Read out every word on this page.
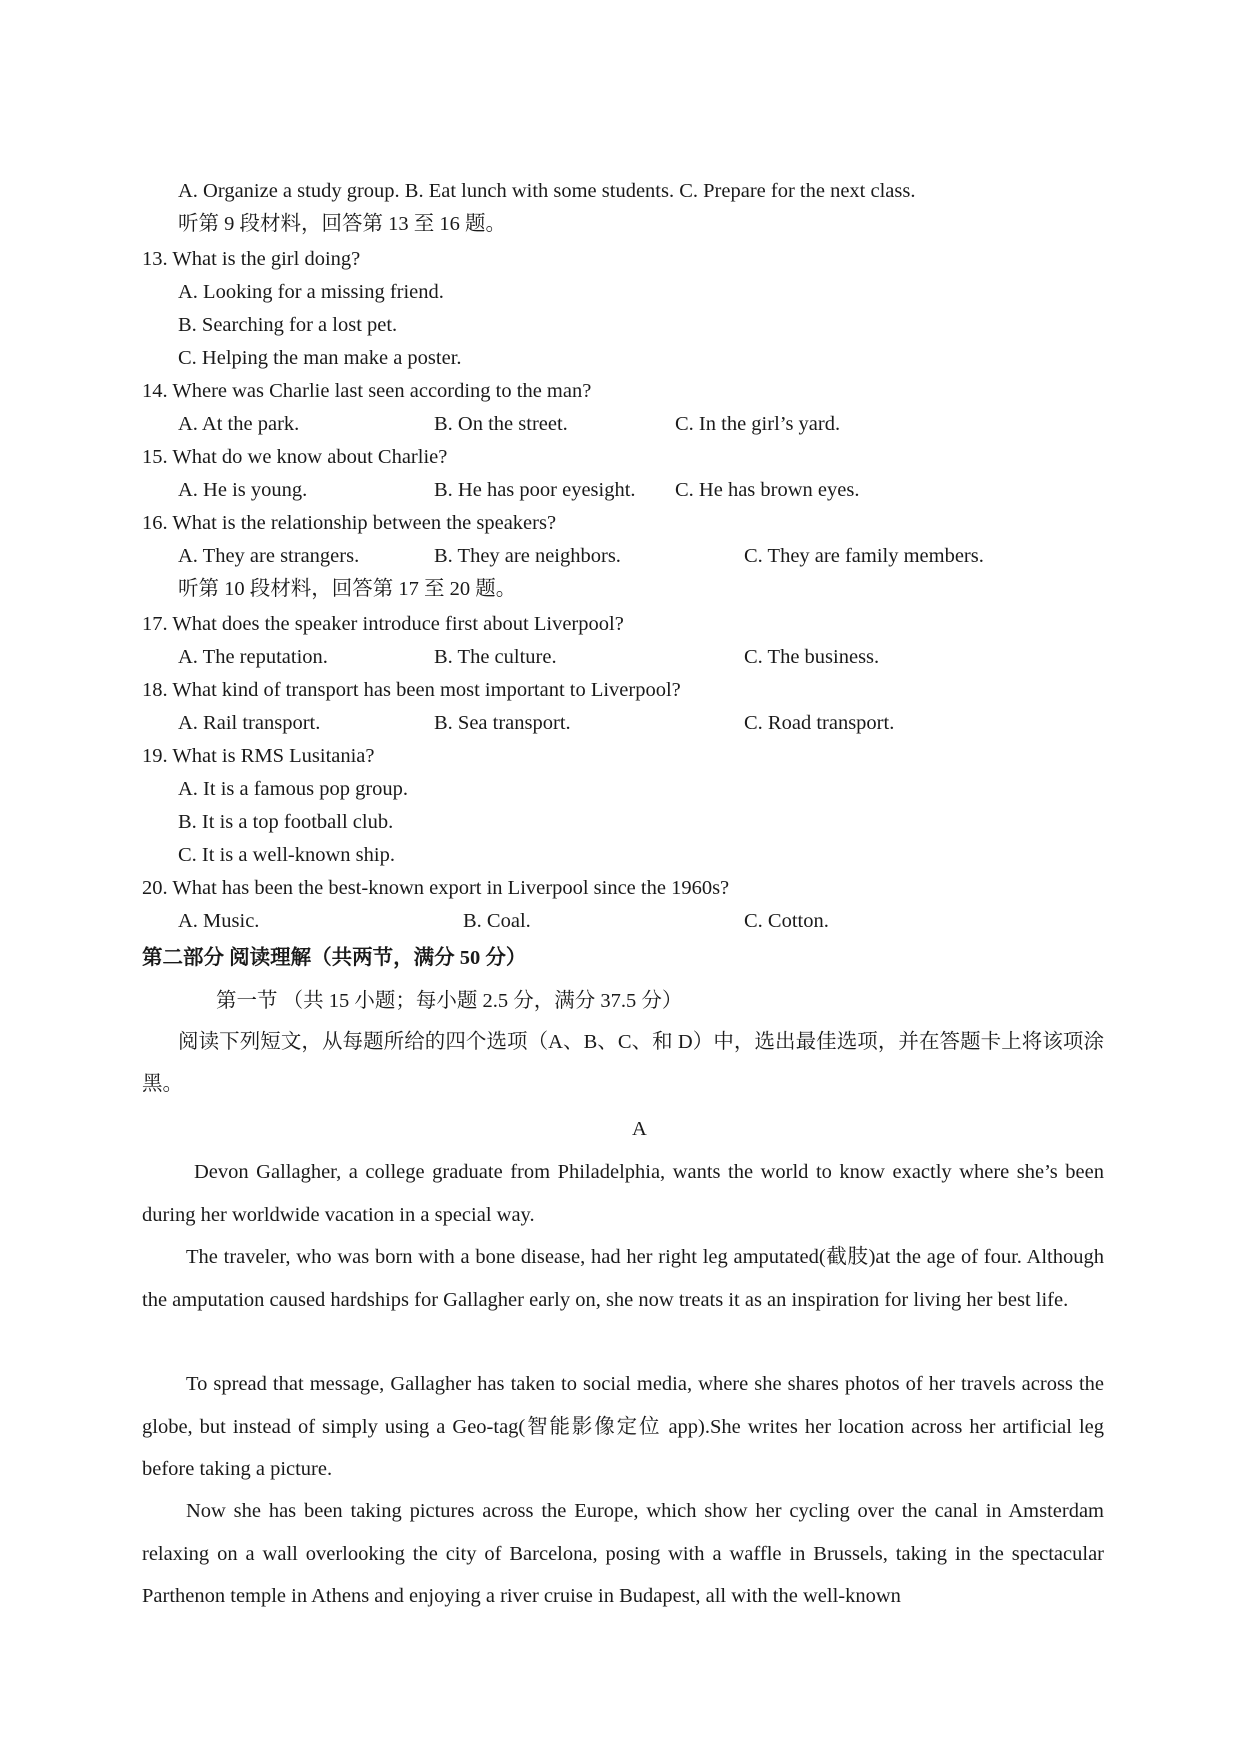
A. Organize a study group. B. Eat lunch with some students. C. Prepare for the next class.
听第 9 段材料，回答第 13 至 16 题。
13. What is the girl doing?
A. Looking for a missing friend.
B. Searching for a lost pet.
C. Helping the man make a poster.
14. Where was Charlie last seen according to the man?
A. At the park.	B. On the street.	C. In the girl’s yard.
15. What do we know about Charlie?
A. He is young.	B. He has poor eyesight. C. He has brown eyes.
16. What is the relationship between the speakers?
A. They are strangers.	B. They are neighbors.	C. They are family members.
听第 10 段材料，回答第 17 至 20 题。
17. What does the speaker introduce first about Liverpool?
A. The reputation.	B. The culture.	C. The business.
18. What kind of transport has been most important to Liverpool?
A. Rail transport.	B. Sea transport.	C. Road transport.
19. What is RMS Lusitania?
A. It is a famous pop group.
B. It is a top football club.
C. It is a well-known ship.
20. What has been the best-known export in Liverpool since the 1960s?
A. Music.	B. Coal.	C. Cotton.
第二部分 阅读理解（共两节，满分 50 分）
第一节 （共 15 小题；每小题 2.5 分，满分 37.5 分）
阅读下列短文，从每题所给的四个选项（A、B、C、和 D）中，选出最佳选项，并在答题卡上将该项涂黑。
A
Devon Gallagher, a college graduate from Philadelphia, wants the world to know exactly where she’s been during her worldwide vacation in a special way.
The traveler, who was born with a bone disease, had her right leg amputated(截肢)at the age of four. Although the amputation caused hardships for Gallagher early on, she now treats it as an inspiration for living her best life.
To spread that message, Gallagher has taken to social media, where she shares photos of her travels across the globe, but instead of simply using a Geo-tag(智能影像定位 app).She writes her location across her artificial leg before taking a picture.
Now she has been taking pictures across the Europe, which show her cycling over the canal in Amsterdam relaxing on a wall overlooking the city of Barcelona, posing with a waffle in Brussels, taking in the spectacular Parthenon temple in Athens and enjoying a river cruise in Budapest, all with the well-known
